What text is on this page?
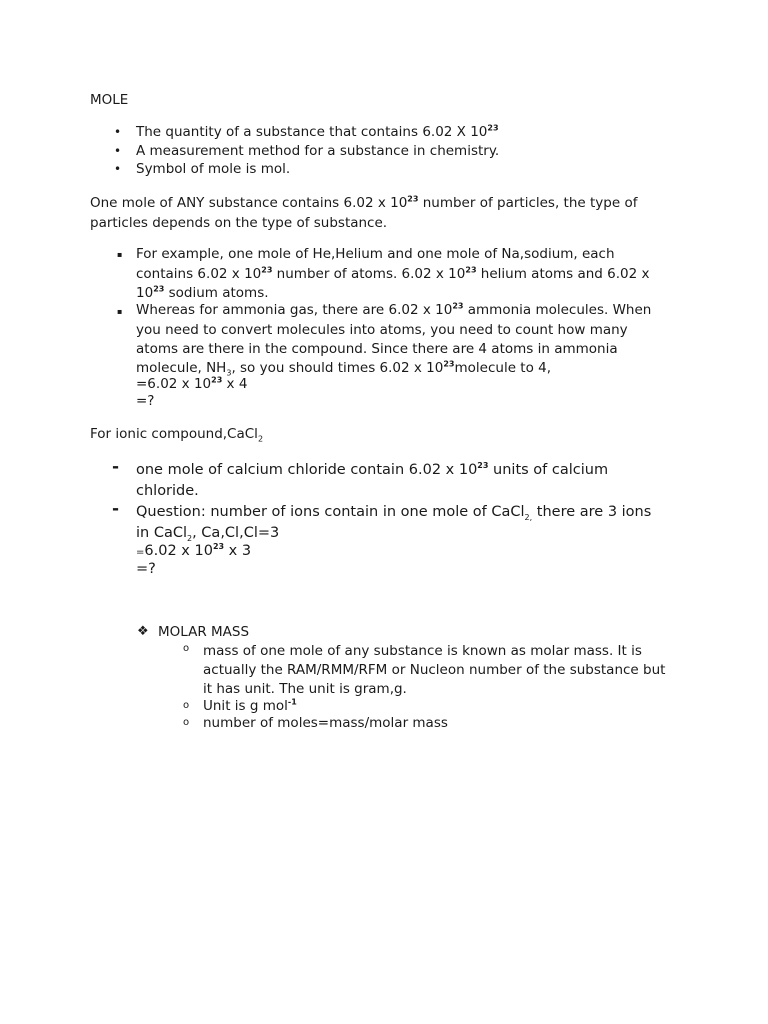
MOLE

• The quantity of a substance that contains 6.02 X $10^{23}$

• A measurement method for a substance in chemistry.

• Symbol of mole is mol.

One mole of ANY substance contains 6.02 x $10^{23}$ number of particles, the type of

particles depends on the type of substance.

▪ For example, one mole of He,Helium and one mole of Na,sodium, each

contains 6.02 x $10^{23}$ number of atoms. 6.02 x $10^{23}$ helium atoms and 6.02 x

$10^{23}$ sodium atoms.

▪ Whereas for ammonia gas, there are 6.02 x $10^{23}$ ammonia molecules. When

you need to convert molecules into atoms, you need to count how many

atoms are there in the compound. Since there are 4 atoms in ammonia

molecule, $NH_3$, so you should times 6.02 x $10^{23}molecule$ to 4,

=6.02 x $10^{23}$ x 4

=?

For ionic compound,CaCl$_2$

- one mole of calcium chloride contain 6.02 x $10^{23}$ units of calcium

chloride.

- Question: number of ions contain in one mole of CaCl$_{2,}$ there are 3 ions

in CaCl$_2$, Ca,Cl,Cl=3

=6.02 x $10^{23}$ x 3

=?

❖ MOLAR MASS

o mass of one mole of any substance is known as molar mass. It is

actually the RAM/RMM/RFM or Nucleon number of the substance but

it has unit. The unit is gram,g.

o Unit is g mol$^{-1}$

o number of moles=mass/molar mass
